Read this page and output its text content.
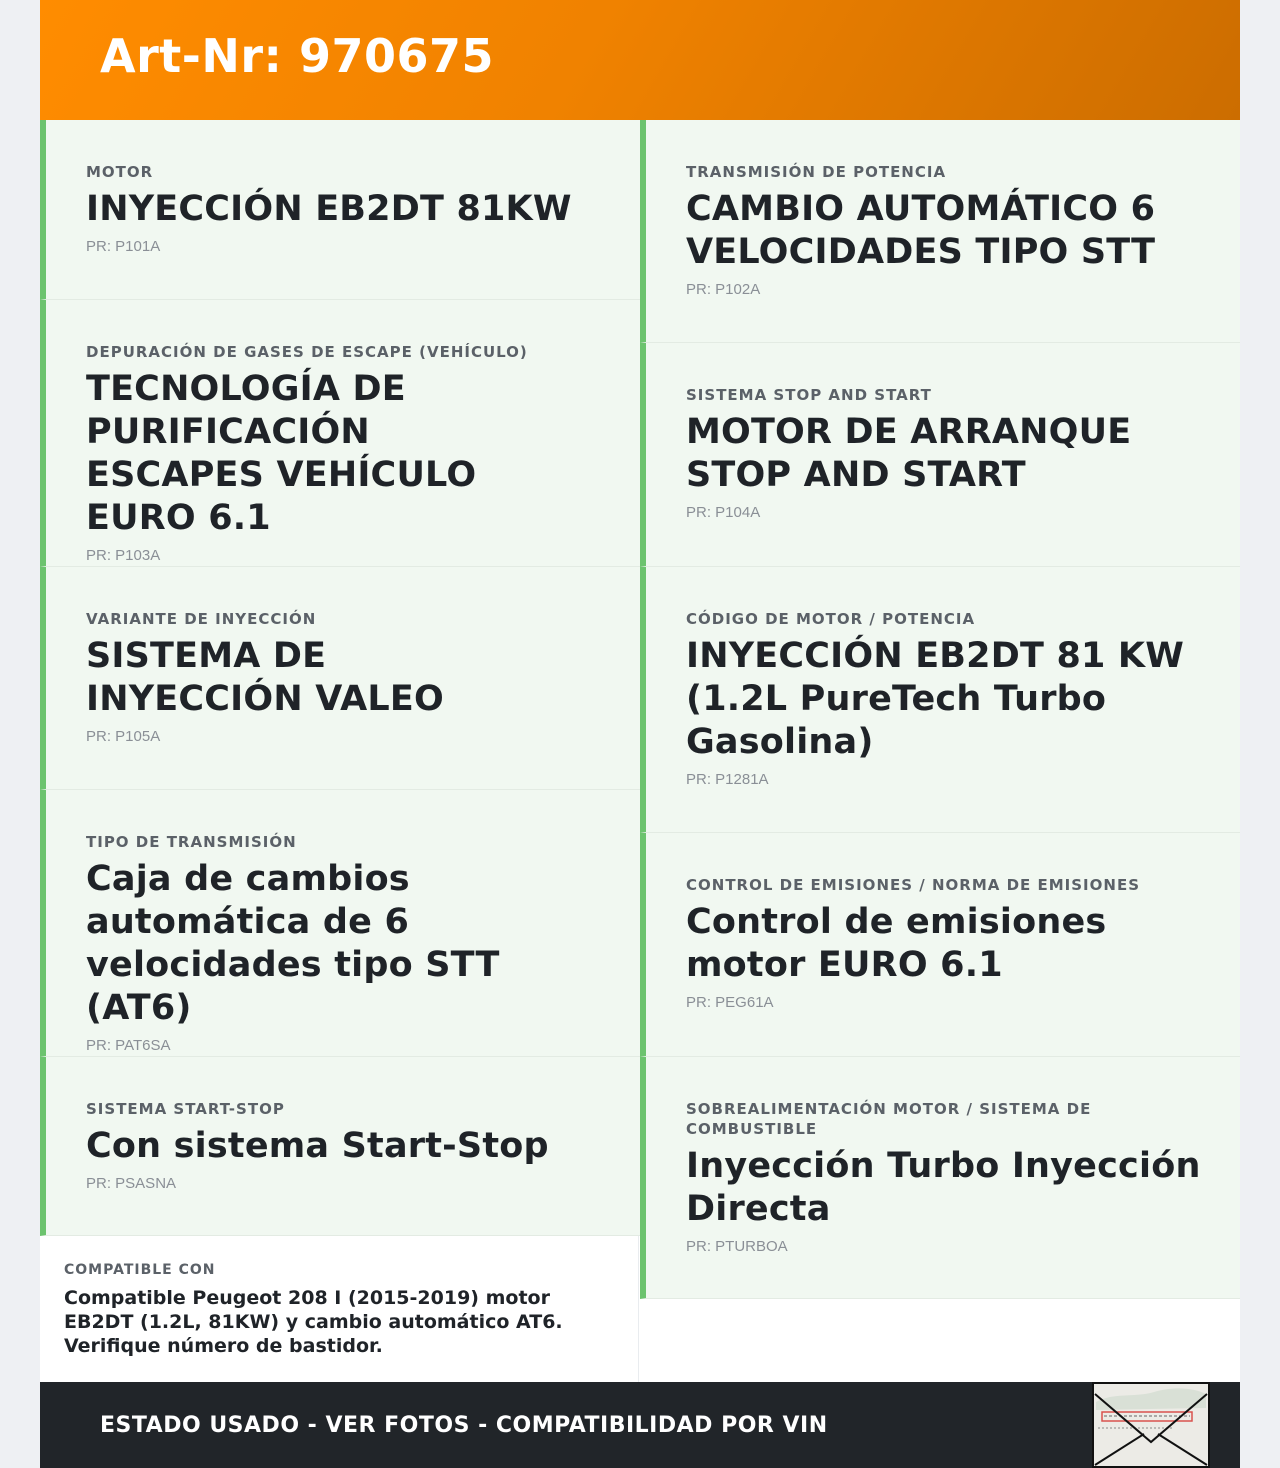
Art-Nr: 970675
MOTOR
INYECCIÓN EB2DT 81KW
PR: P101A
DEPURACIÓN DE GASES DE ESCAPE (VEHÍCULO)
TECNOLOGÍA DE PURIFICACIÓN ESCAPES VEHÍCULO EURO 6.1
PR: P103A
VARIANTE DE INYECCIÓN
SISTEMA DE INYECCIÓN VALEO
PR: P105A
TIPO DE TRANSMISIÓN
Caja de cambios automática de 6 velocidades tipo STT (AT6)
PR: PAT6SA
SISTEMA START-STOP
Con sistema Start-Stop
PR: PSASNA
TRANSMISIÓN DE POTENCIA
CAMBIO AUTOMÁTICO 6 VELOCIDADES TIPO STT
PR: P102A
SISTEMA STOP AND START
MOTOR DE ARRANQUE STOP AND START
PR: P104A
CÓDIGO DE MOTOR / POTENCIA
INYECCIÓN EB2DT 81 KW (1.2L PureTech Turbo Gasolina)
PR: P1281A
CONTROL DE EMISIONES / NORMA DE EMISIONES
Control de emisiones motor EURO 6.1
PR: PEG61A
SOBREALIMENTACIÓN MOTOR / SISTEMA DE COMBUSTIBLE
Inyección Turbo Inyección Directa
PR: PTURBOA
COMPATIBLE CON
Compatible Peugeot 208 I (2015-2019) motor EB2DT (1.2L, 81KW) y cambio automático AT6. Verifique número de bastidor.
ESTADO USADO - VER FOTOS - COMPATIBILIDAD POR VIN
